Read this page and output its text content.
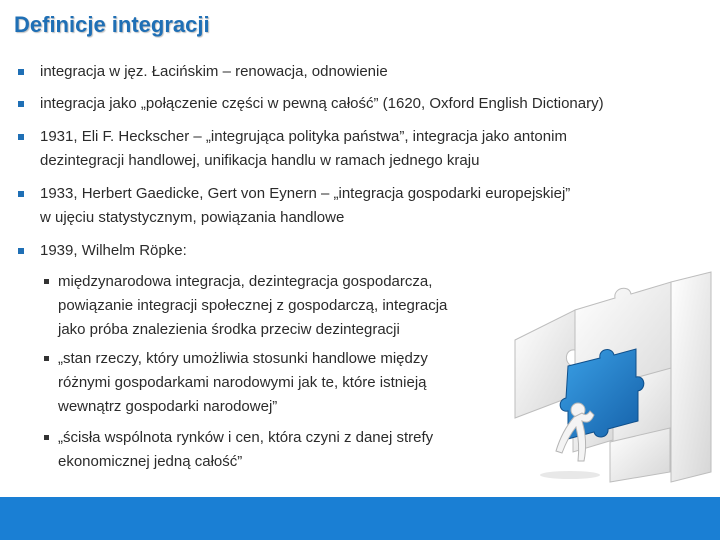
Definicje integracji
integracja w jęz. Łacińskim – renowacja, odnowienie
integracja jako „połączenie części w pewną całość” (1620, Oxford English Dictionary)
1931, Eli F. Heckscher – „integrująca polityka państwa”, integracja jako antonim
dezintegracji handlowej, unifikacja handlu w ramach jednego kraju
1933, Herbert Gaedicke, Gert von Eynern – „integracja gospodarki europejskiej”
w ujęciu statystycznym, powiązania handlowe
1939, Wilhelm Röpke:
międzynarodowa integracja, dezintegracja gospodarcza,
powiązanie integracji społecznej z gospodarczą, integracja
jako próba znalezienia środka przeciw dezintegracji
„stan rzeczy, który umożliwia stosunki handlowe między
różnymi gospodarkami narodowymi jak te, które istnieją
wewnątrz gospodarki narodowej”
„ścisła wspólnota rynków i cen, która czyni z danej strefy
ekonomicznej jedną całość”
